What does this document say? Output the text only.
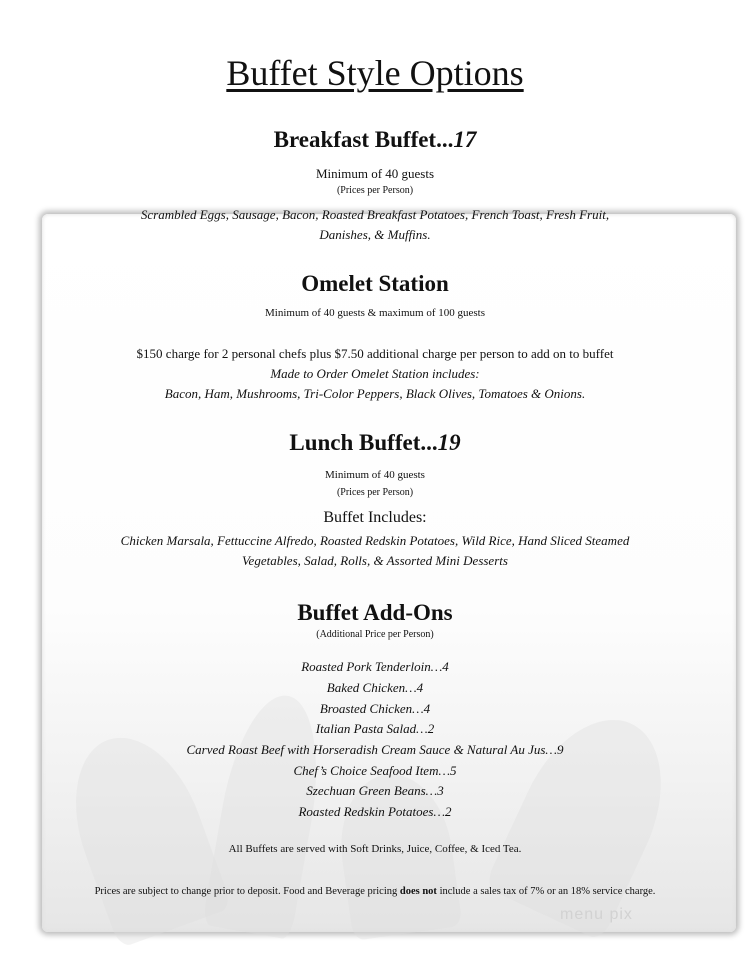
menu pix
Buffet Style Options
Breakfast Buffet...17
Minimum of 40 guests
(Prices per Person)
Scrambled Eggs, Sausage, Bacon, Roasted Breakfast Potatoes, French Toast, Fresh Fruit,
Danishes, & Muffins.
Omelet Station
Minimum of 40 guests & maximum of 100 guests
$150 charge for 2 personal chefs plus $7.50 additional charge per person to add on to buffet
Made to Order Omelet Station includes:
Bacon, Ham, Mushrooms, Tri-Color Peppers, Black Olives, Tomatoes & Onions.
Lunch Buffet...19
Minimum of 40 guests
(Prices per Person)
Buffet Includes:
Chicken Marsala, Fettuccine Alfredo, Roasted Redskin Potatoes, Wild Rice, Hand Sliced Steamed
Vegetables, Salad, Rolls, & Assorted Mini Desserts
Buffet Add-Ons
(Additional Price per Person)
Roasted Pork Tenderloin…4
Baked Chicken…4
Broasted Chicken…4
Italian Pasta Salad…2
Carved Roast Beef with Horseradish Cream Sauce & Natural Au Jus…9
Chef’s Choice Seafood Item…5
Szechuan Green Beans…3
Roasted Redskin Potatoes…2
All Buffets are served with Soft Drinks, Juice, Coffee, & Iced Tea.
Prices are subject to change prior to deposit. Food and Beverage pricing does not include a sales tax of 7% or an 18% service charge.
